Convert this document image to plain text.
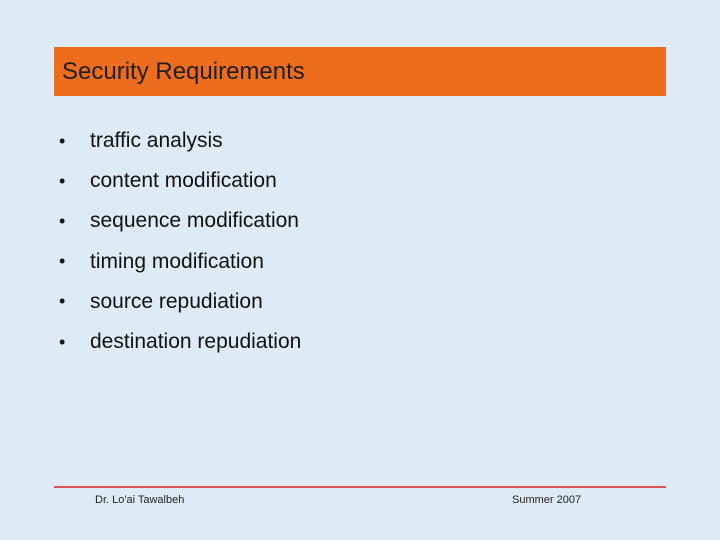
Security Requirements
•	traffic analysis
•	content modification
•	sequence modification
•	timing modification
•	source repudiation
•	destination repudiation
Dr. Lo'ai Tawalbeh	Summer 2007
